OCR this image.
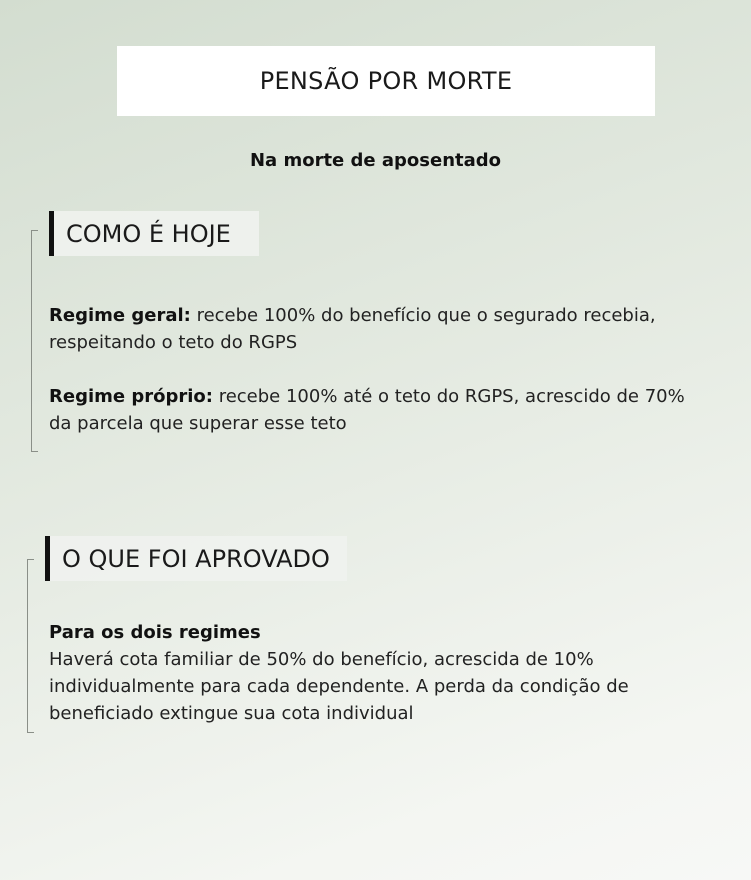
PENSÃO POR MORTE
Na morte de aposentado
COMO É HOJE

Regime geral: recebe 100% do benefício que o segurado recebia, respeitando o teto do RGPS

Regime próprio: recebe 100% até o teto do RGPS, acrescido de 70% da parcela que superar esse teto

O QUE FOI APROVADO

Para os dois regimes
Haverá cota familiar de 50% do benefício, acrescida de 10% individualmente para cada dependente. A perda da condição de beneficiado extingue sua cota individual
